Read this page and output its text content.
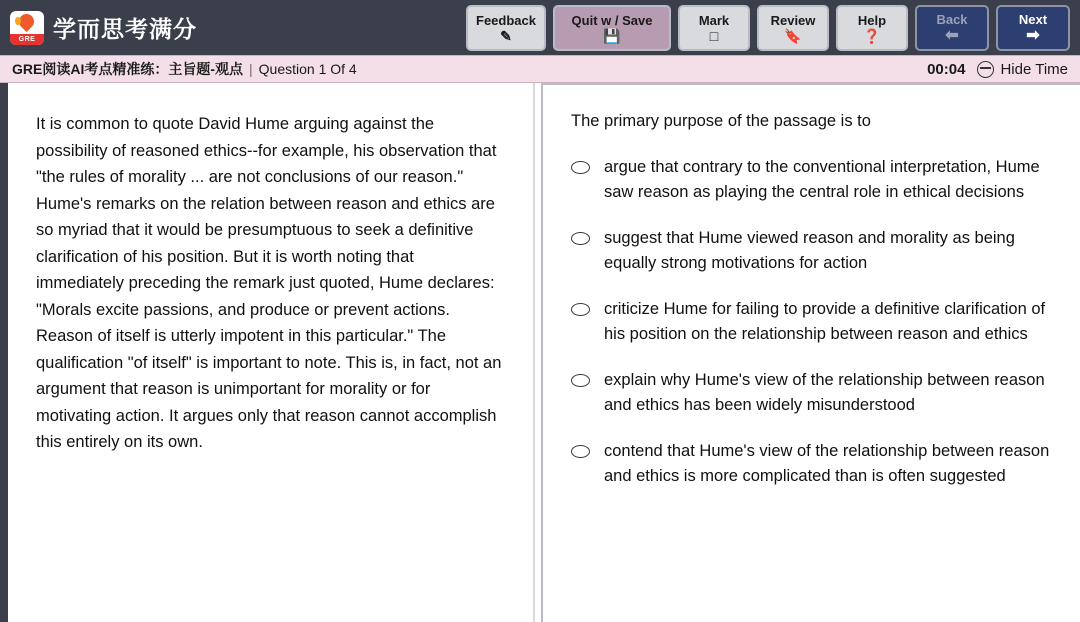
GRE 学而思考满分	Feedback
✎
Quit w / Save
💾
Mark
□
Review
🔖
Help
❓
Back
⬅
Next
➡
GRE阅读AI考点精准练：主旨题-观点 | Question 1 Of 4	00:04 Hide Time

It is common to quote David Hume arguing against the possibility of reasoned ethics--for example, his observation that "the rules of morality ... are not conclusions of our reason." Hume's remarks on the relation between reason and ethics are so myriad that it would be presumptuous to seek a definitive clarification of his position. But it is worth noting that immediately preceding the remark just quoted, Hume declares: "Morals excite passions, and produce or prevent actions. Reason of itself is utterly impotent in this particular." The qualification "of itself" is important to note. This is, in fact, not an argument that reason is unimportant for morality or for motivating action. It argues only that reason cannot accomplish this entirely on its own.

The primary purpose of the passage is to

argue that contrary to the conventional interpretation, Hume saw reason as playing the central role in ethical decisions
suggest that Hume viewed reason and morality as being equally strong motivations for action
criticize Hume for failing to provide a definitive clarification of his position on the relationship between reason and ethics
explain why Hume's view of the relationship between reason and ethics has been widely misunderstood
contend that Hume's view of the relationship between reason and ethics is more complicated than is often suggested
